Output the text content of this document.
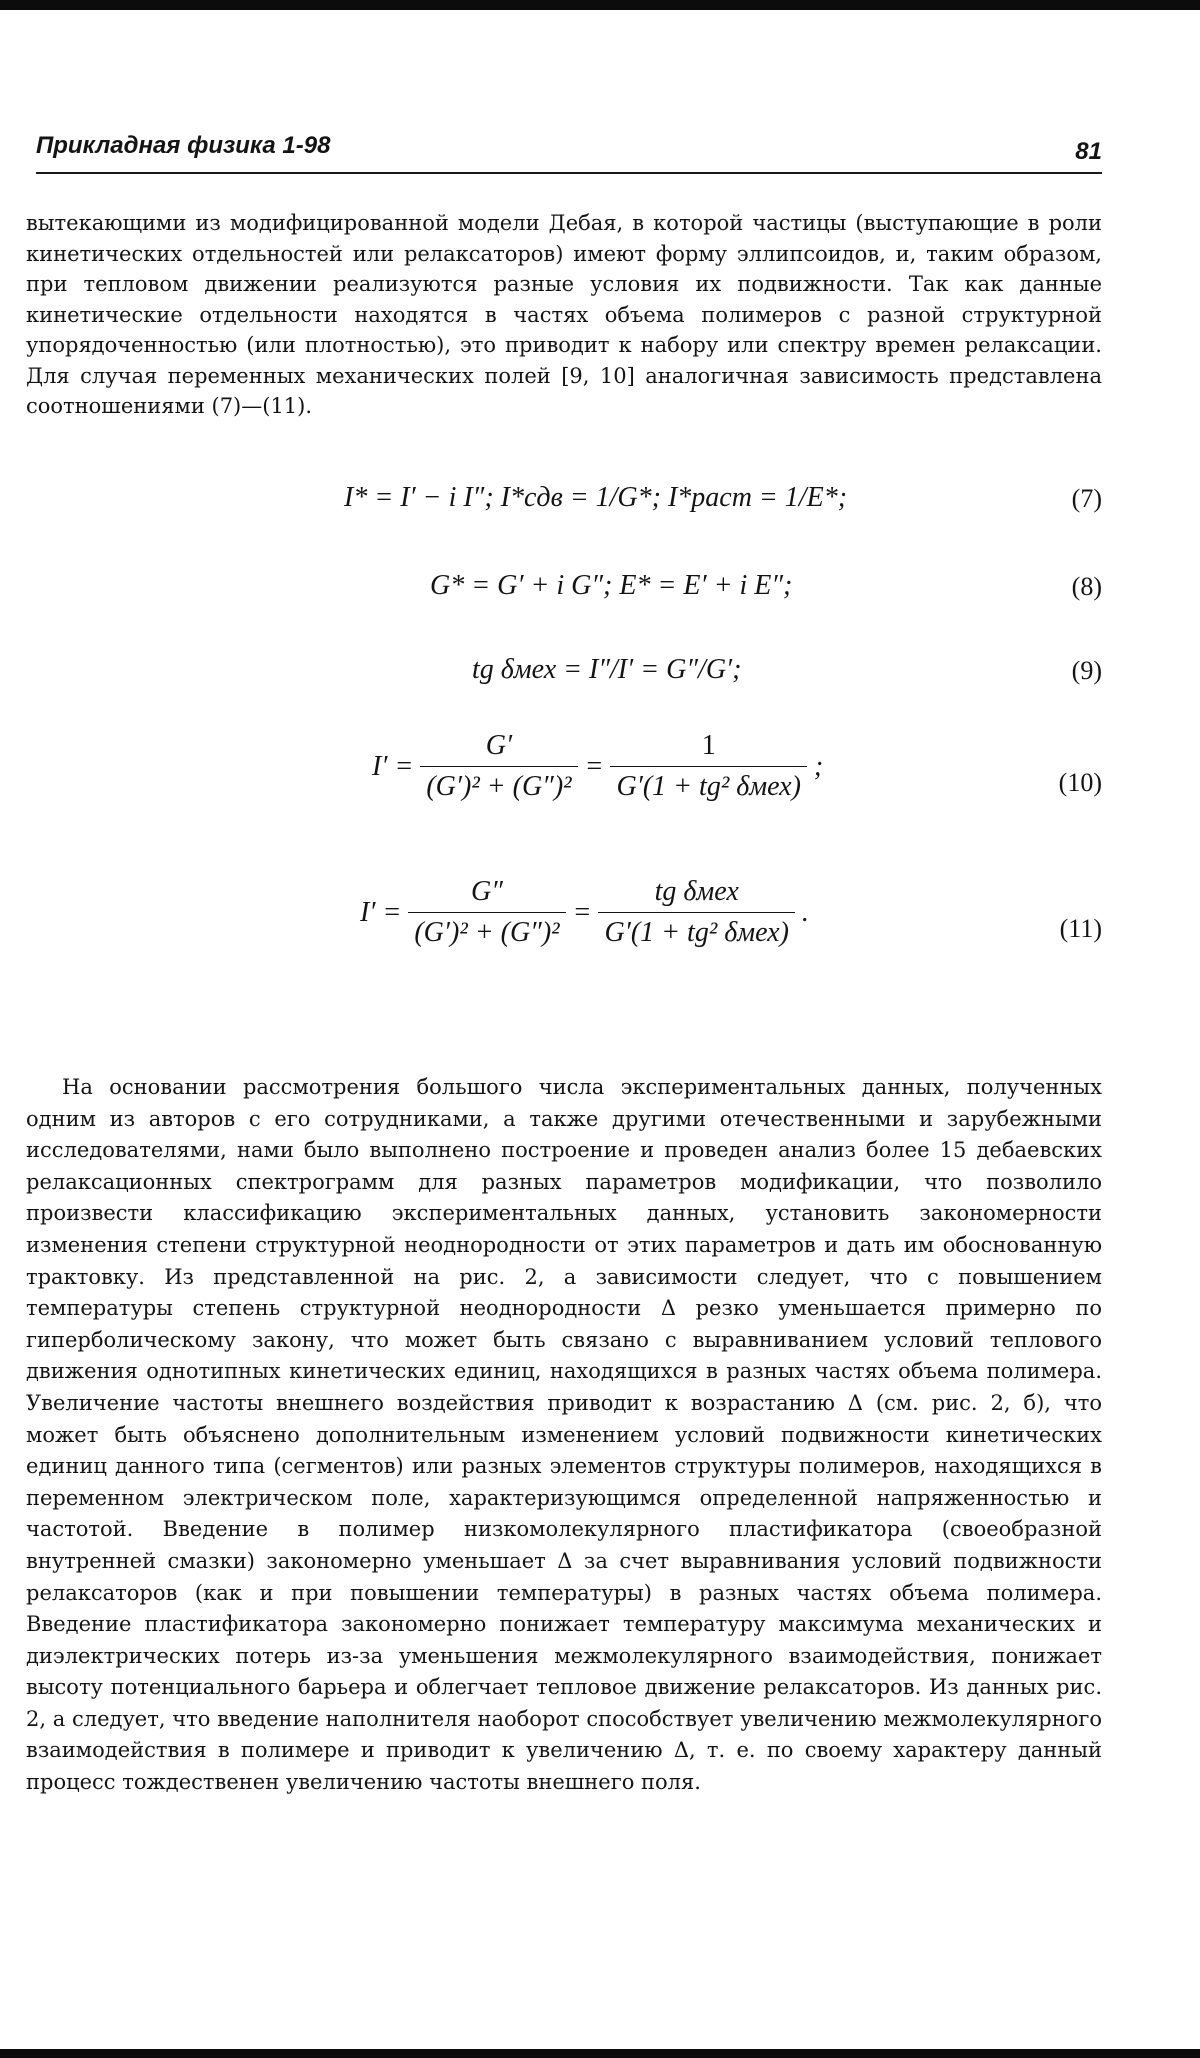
Прикладная физика 1-98	81

вытекающими из модифицированной модели Дебая, в которой частицы (выступающие в роли кинетических отдельностей или релаксаторов) имеют форму эллипсоидов, и, таким образом, при тепловом движении реализуются разные условия их подвижности. Так как данные кинетические отдельности находятся в частях объема полимеров с разной структурной упорядоченностью (или плотностью), это приводит к набору или спектру времен релаксации. Для случая переменных механических полей [9, 10] аналогичная зависимость представлена соотношениями (7)—(11).

I* = I′ − i I″; I*сдв = 1/G*; I*раст = 1/E*;	(7)
G* = G′ + i G″; E* = E′ + i E″;	(8)
tg δмех = I″/I′ = G″/G′;	(9)
$I' = \frac{G'}{\text{(G′)² + (G″)²}} = \frac{1}{\text{G′(1 + tg² δмех)}}$ ;
(10)
$I' = \frac{G''}{\text{(G′)² + (G″)²}} = \frac{\text{tg δмех}}{\text{G′(1 + tg² δмех)}}$ .
(11)

На основании рассмотрения большого числа экспериментальных данных, полученных одним из авторов с его сотрудниками, а также другими отечественными и зарубежными исследователями, нами было выполнено построение и проведен анализ более 15 дебаевских релаксационных спектрограмм для разных параметров модификации, что позволило произвести классификацию экспериментальных данных, установить закономерности изменения степени структурной неоднородности от этих параметров и дать им обоснованную трактовку. Из представленной на рис. 2, а зависимости следует, что с повышением температуры степень структурной неоднородности Δ резко уменьшается примерно по гиперболическому закону, что может быть связано с выравниванием условий теплового движения однотипных кинетических единиц, находящихся в разных частях объема полимера. Увеличение частоты внешнего воздействия приводит к возрастанию Δ (см. рис. 2, б), что может быть объяснено дополнительным изменением условий подвижности кинетических единиц данного типа (сегментов) или разных элементов структуры полимеров, находящихся в переменном электрическом поле, характеризующимся определенной напряженностью и частотой. Введение в полимер низкомолекулярного пластификатора (своеобразной внутренней смазки) закономерно уменьшает Δ за счет выравнивания условий подвижности релаксаторов (как и при повышении температуры) в разных частях объема полимера. Введение пластификатора закономерно понижает температуру максимума механических и диэлектрических потерь из-за уменьшения межмолекулярного взаимодействия, понижает высоту потенциального барьера и облегчает тепловое движение релаксаторов. Из данных рис. 2, а следует, что введение наполнителя наоборот способствует увеличению межмолекулярного взаимодействия в полимере и приводит к увеличению Δ, т. е. по своему характеру данный процесс тождественен увеличению частоты внешнего поля.
